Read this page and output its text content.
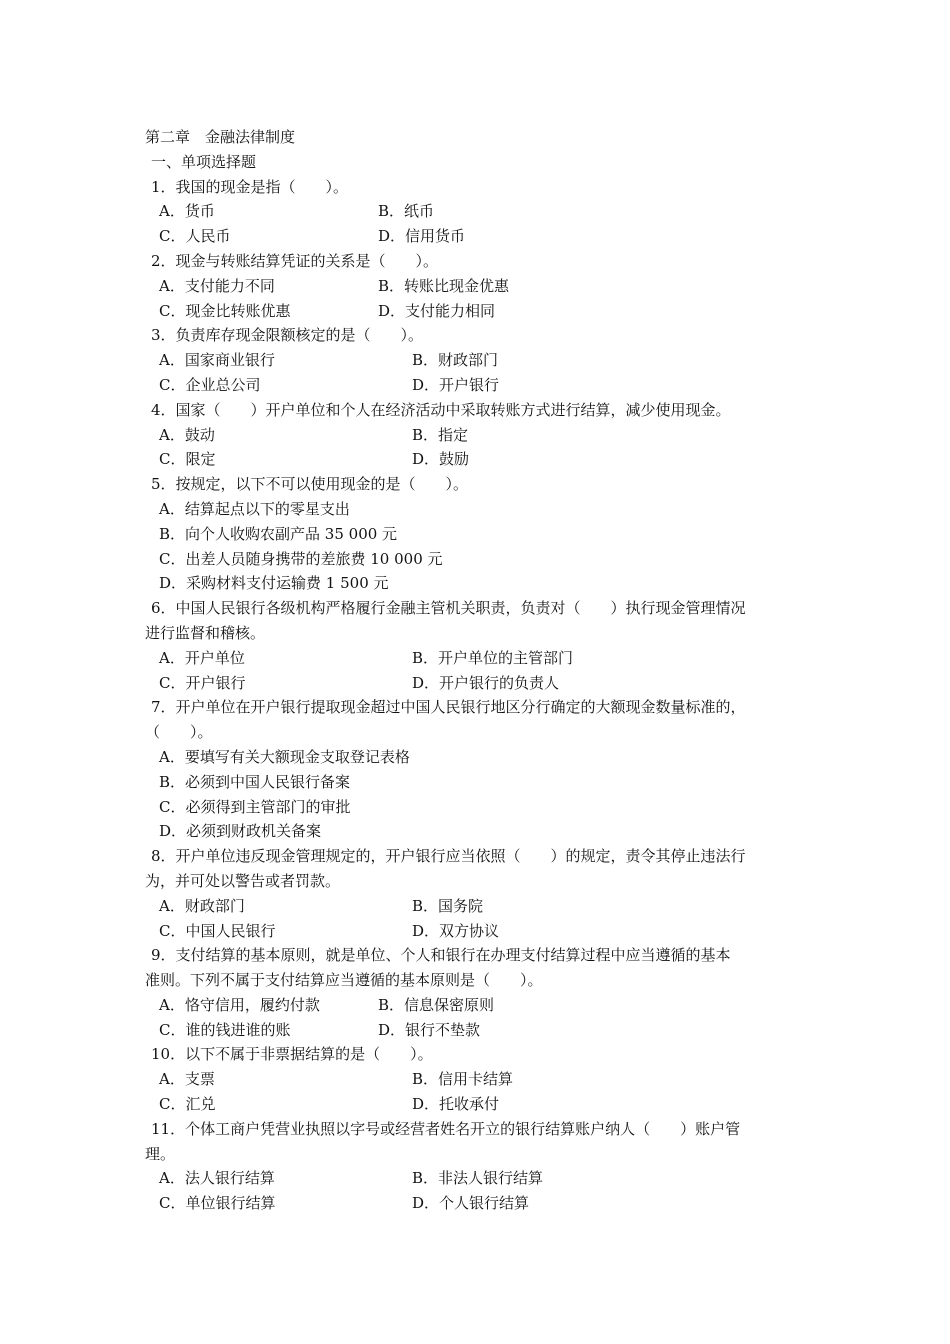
第二章　金融法律制度
一、单项选择题
1．我国的现金是指（　　）。
A．货币	B．纸币
C．人民币	D．信用货币
2．现金与转账结算凭证的关系是（　　）。
A．支付能力不同	B．转账比现金优惠
C．现金比转账优惠	D．支付能力相同
3．负责库存现金限额核定的是（　　）。
A．国家商业银行	B．财政部门
C．企业总公司	D．开户银行
4．国家（　　）开户单位和个人在经济活动中采取转账方式进行结算，减少使用现金。
A．鼓动	B．指定
C．限定	D．鼓励
5．按规定，以下不可以使用现金的是（　　）。
A．结算起点以下的零星支出
B．向个人收购农副产品 35 000 元
C．出差人员随身携带的差旅费 10 000 元
D．采购材料支付运输费 1 500 元
6．中国人民银行各级机构严格履行金融主管机关职责，负责对（　　）执行现金管理情况
进行监督和稽核。
A．开户单位	B．开户单位的主管部门
C．开户银行	D．开户银行的负责人
7．开户单位在开户银行提取现金超过中国人民银行地区分行确定的大额现金数量标准的，
（　　）。
A．要填写有关大额现金支取登记表格
B．必须到中国人民银行备案
C．必须得到主管部门的审批
D．必须到财政机关备案
8．开户单位违反现金管理规定的，开户银行应当依照（　　）的规定，责令其停止违法行
为，并可处以警告或者罚款。
A．财政部门	B．国务院
C．中国人民银行	D．双方协议
9．支付结算的基本原则，就是单位、个人和银行在办理支付结算过程中应当遵循的基本
准则。下列不属于支付结算应当遵循的基本原则是（　　）。
A．恪守信用，履约付款	B．信息保密原则
C．谁的钱进谁的账	D．银行不垫款
10．以下不属于非票据结算的是（　　）。
A．支票	B．信用卡结算
C．汇兑	D．托收承付
11．个体工商户凭营业执照以字号或经营者姓名开立的银行结算账户纳人（　　）账户管
理。
A．法人银行结算	B．非法人银行结算
C．单位银行结算	D．个人银行结算
